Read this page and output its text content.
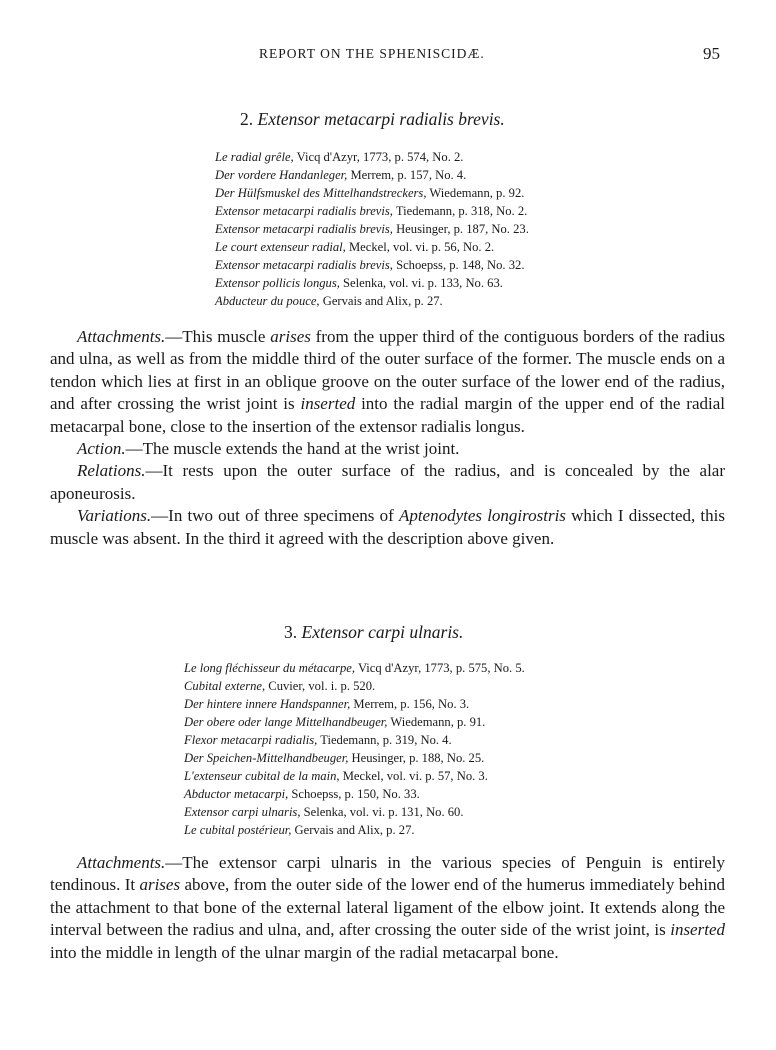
REPORT ON THE SPHENISCIDÆ.	95
2. Extensor metacarpi radialis brevis.
Le radial grêle, Vicq d'Azyr, 1773, p. 574, No. 2.
Der vordere Handanleger, Merrem, p. 157, No. 4.
Der Hülfsmuskel des Mittelhandstreckers, Wiedemann, p. 92.
Extensor metacarpi radialis brevis, Tiedemann, p. 318, No. 2.
Extensor metacarpi radialis brevis, Heusinger, p. 187, No. 23.
Le court extenseur radial, Meckel, vol. vi. p. 56, No. 2.
Extensor metacarpi radialis brevis, Schoepss, p. 148, No. 32.
Extensor pollicis longus, Selenka, vol. vi. p. 133, No. 63.
Abducteur du pouce, Gervais and Alix, p. 27.

Attachments.—This muscle arises from the upper third of the contiguous borders of the radius and ulna, as well as from the middle third of the outer surface of the former. The muscle ends on a tendon which lies at first in an oblique groove on the outer surface of the lower end of the radius, and after crossing the wrist joint is inserted into the radial margin of the upper end of the radial metacarpal bone, close to the insertion of the extensor radialis longus.

Action.—The muscle extends the hand at the wrist joint.

Relations.—It rests upon the outer surface of the radius, and is concealed by the alar aponeurosis.

Variations.—In two out of three specimens of Aptenodytes longirostris which I dissected, this muscle was absent. In the third it agreed with the description above given.

3. Extensor carpi ulnaris.
Le long fléchisseur du métacarpe, Vicq d'Azyr, 1773, p. 575, No. 5.
Cubital externe, Cuvier, vol. i. p. 520.
Der hintere innere Handspanner, Merrem, p. 156, No. 3.
Der obere oder lange Mittelhandbeuger, Wiedemann, p. 91.
Flexor metacarpi radialis, Tiedemann, p. 319, No. 4.
Der Speichen-Mittelhandbeuger, Heusinger, p. 188, No. 25.
L'extenseur cubital de la main, Meckel, vol. vi. p. 57, No. 3.
Abductor metacarpi, Schoepss, p. 150, No. 33.
Extensor carpi ulnaris, Selenka, vol. vi. p. 131, No. 60.
Le cubital postérieur, Gervais and Alix, p. 27.

Attachments.—The extensor carpi ulnaris in the various species of Penguin is entirely tendinous. It arises above, from the outer side of the lower end of the humerus immediately behind the attachment to that bone of the external lateral ligament of the elbow joint. It extends along the interval between the radius and ulna, and, after crossing the outer side of the wrist joint, is inserted into the middle in length of the ulnar margin of the radial metacarpal bone.
